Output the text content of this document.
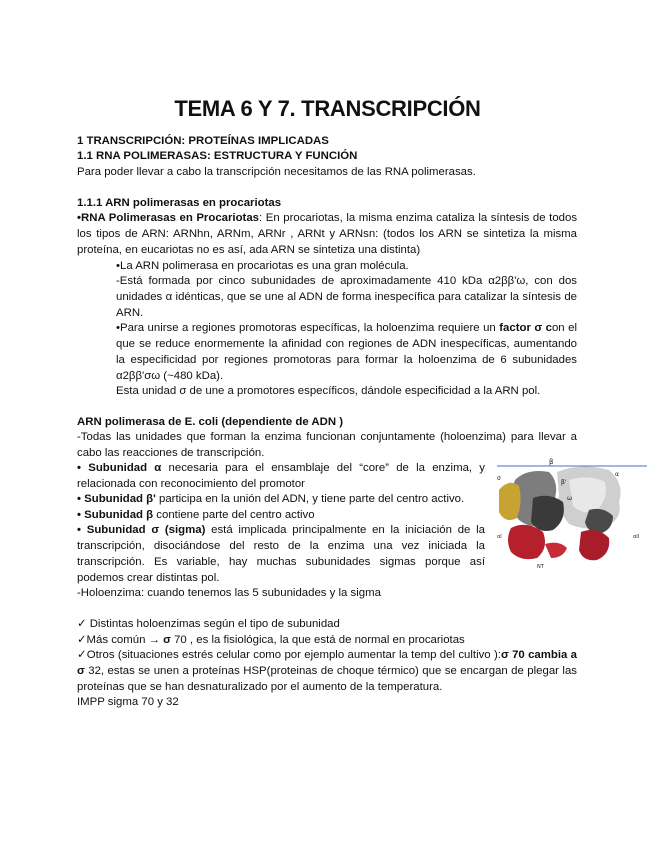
TEMA 6 Y 7. TRANSCRIPCIÓN
1 TRANSCRIPCIÓN: PROTEÍNAS IMPLICADAS
1.1 RNA POLIMERASAS: ESTRUCTURA Y FUNCIÓN
Para poder llevar a cabo la transcripción necesitamos de las RNA polimerasas.
1.1.1 ARN polimerasas en procariotas
•RNA Polimerasas en Procariotas: En procariotas, la misma enzima cataliza la síntesis de todos los tipos de ARN: ARNhn, ARNm, ARNr , ARNt y ARNsn: (todos los ARN se sintetiza la misma proteína, en eucariotas no es así, ada ARN se sintetiza una distinta)
•La ARN polimerasa en procariotas es una gran molécula.
-Está formada por cinco subunidades de aproximadamente 410 kDa α2ββ'ω, con dos unidades α idénticas, que se une al ADN de forma inespecífica para catalizar la síntesis de ARN.
•Para unirse a regiones promotoras específicas, la holoenzima requiere un factor σ con el que se reduce enormemente la afinidad con regiones de ADN inespecíficas, aumentando la especificidad por regiones promotoras para formar la holoenzima de 6 subunidades α2ββ'σω (~480 kDa).
Esta unidad σ de une a promotores específicos, dándole especificidad a la ARN pol.
ARN polimerasa de E. coli (dependiente de ADN )
-Todas las unidades que forman la enzima funcionan conjuntamente (holoenzima) para llevar a cabo las reacciones de transcripción.
• Subunidad α necesaria para el ensamblaje del “core” de la enzima, y relacionada con reconocimiento del promotor
• Subunidad β' participa en la unión del ADN, y tiene parte del centro activo.
• Subunidad β contiene parte del centro activo
• Subunidad σ (sigma) está implicada principalmente en la iniciación de la transcripción, disociándose del resto de la enzima una vez iniciada la transcripción. Es variable, hay muchas subunidades sigmas porque así podemos crear distintas pol.
-Holoenzima: cuando tenemos las 5 subunidades y la sigma
✓ Distintas holoenzimas según el tipo de subunidad
✓Más común → σ 70 , es la fisiológica, la que está de normal en procariotas
✓Otros (situaciones estrés celular como por ejemplo aumentar la temp del cultivo ):σ 70 cambia a σ 32, estas se unen a proteínas HSP(proteinas de choque térmico) que se encargan de plegar las proteínas que se han desnaturalizado por el aumento de la temperatura.
IMPP sigma 70 y 32
β
β'
α
σ
ω
αI	αII
NT
